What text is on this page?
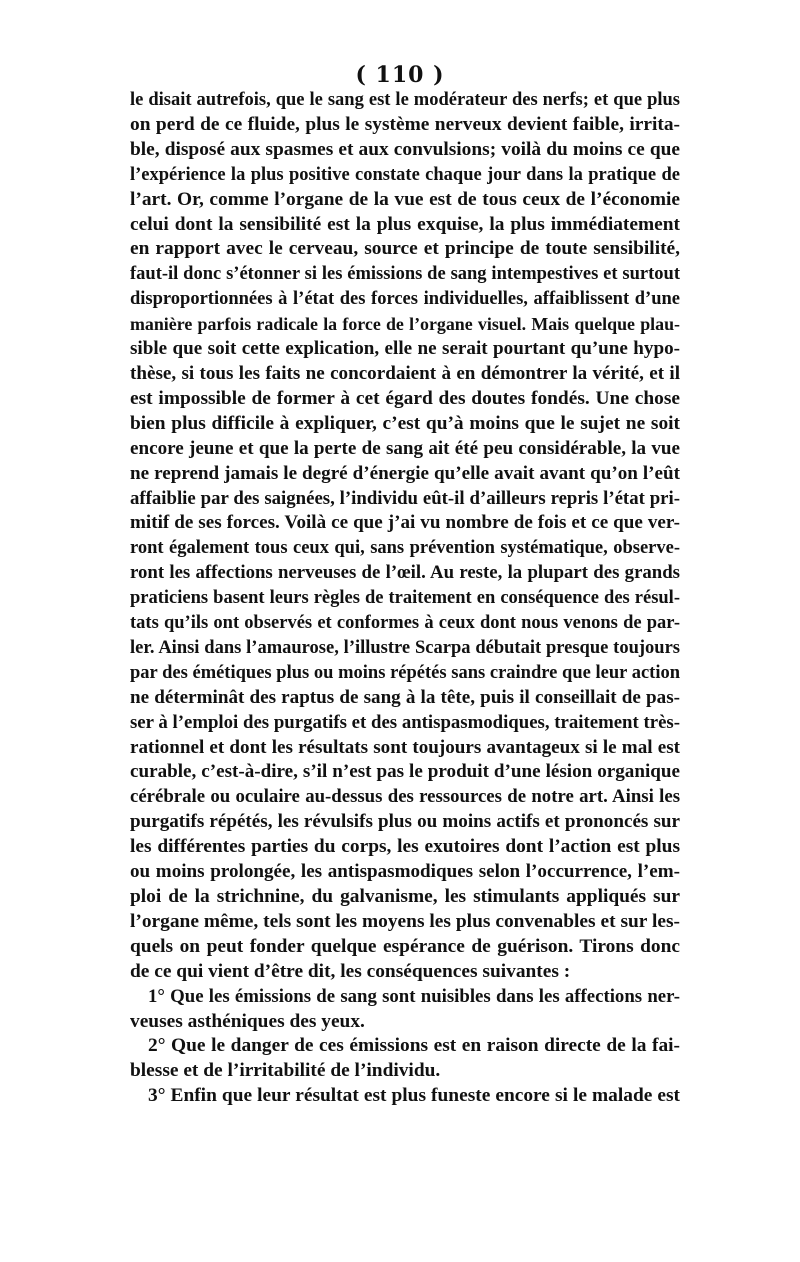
( 110 )
le disait autrefois, que le sang est le modérateur des nerfs; et que plus
on perd de ce fluide, plus le système nerveux devient faible, irrita-
ble, disposé aux spasmes et aux convulsions; voilà du moins ce que
l’expérience la plus positive constate chaque jour dans la pratique de
l’art. Or, comme l’organe de la vue est de tous ceux de l’économie
celui dont la sensibilité est la plus exquise, la plus immédiatement
en rapport avec le cerveau, source et principe de toute sensibilité,
faut-il donc s’étonner si les émissions de sang intempestives et surtout
disproportionnées à l’état des forces individuelles, affaiblissent d’une
manière parfois radicale la force de l’organe visuel. Mais quelque plau-
sible que soit cette explication, elle ne serait pourtant qu’une hypo-
thèse, si tous les faits ne concordaient à en démontrer la vérité, et il
est impossible de former à cet égard des doutes fondés. Une chose
bien plus difficile à expliquer, c’est qu’à moins que le sujet ne soit
encore jeune et que la perte de sang ait été peu considérable, la vue
ne reprend jamais le degré d’énergie qu’elle avait avant qu’on l’eût
affaiblie par des saignées, l’individu eût-il d’ailleurs repris l’état pri-
mitif de ses forces. Voilà ce que j’ai vu nombre de fois et ce que ver-
ront également tous ceux qui, sans prévention systématique, observe-
ront les affections nerveuses de l’œil. Au reste, la plupart des grands
praticiens basent leurs règles de traitement en conséquence des résul-
tats qu’ils ont observés et conformes à ceux dont nous venons de par-
ler. Ainsi dans l’amaurose, l’illustre Scarpa débutait presque toujours
par des émétiques plus ou moins répétés sans craindre que leur action
ne déterminât des raptus de sang à la tête, puis il conseillait de pas-
ser à l’emploi des purgatifs et des antispasmodiques, traitement très-
rationnel et dont les résultats sont toujours avantageux si le mal est
curable, c’est-à-dire, s’il n’est pas le produit d’une lésion organique
cérébrale ou oculaire au-dessus des ressources de notre art. Ainsi les
purgatifs répétés, les révulsifs plus ou moins actifs et prononcés sur
les différentes parties du corps, les exutoires dont l’action est plus
ou moins prolongée, les antispasmodiques selon l’occurrence, l’em-
ploi de la strichnine, du galvanisme, les stimulants appliqués sur
l’organe même, tels sont les moyens les plus convenables et sur les-
quels on peut fonder quelque espérance de guérison. Tirons donc
de ce qui vient d’être dit, les conséquences suivantes :
1° Que les émissions de sang sont nuisibles dans les affections ner-
veuses asthéniques des yeux.
2° Que le danger de ces émissions est en raison directe de la fai-
blesse et de l’irritabilité de l’individu.
3° Enfin que leur résultat est plus funeste encore si le malade est
